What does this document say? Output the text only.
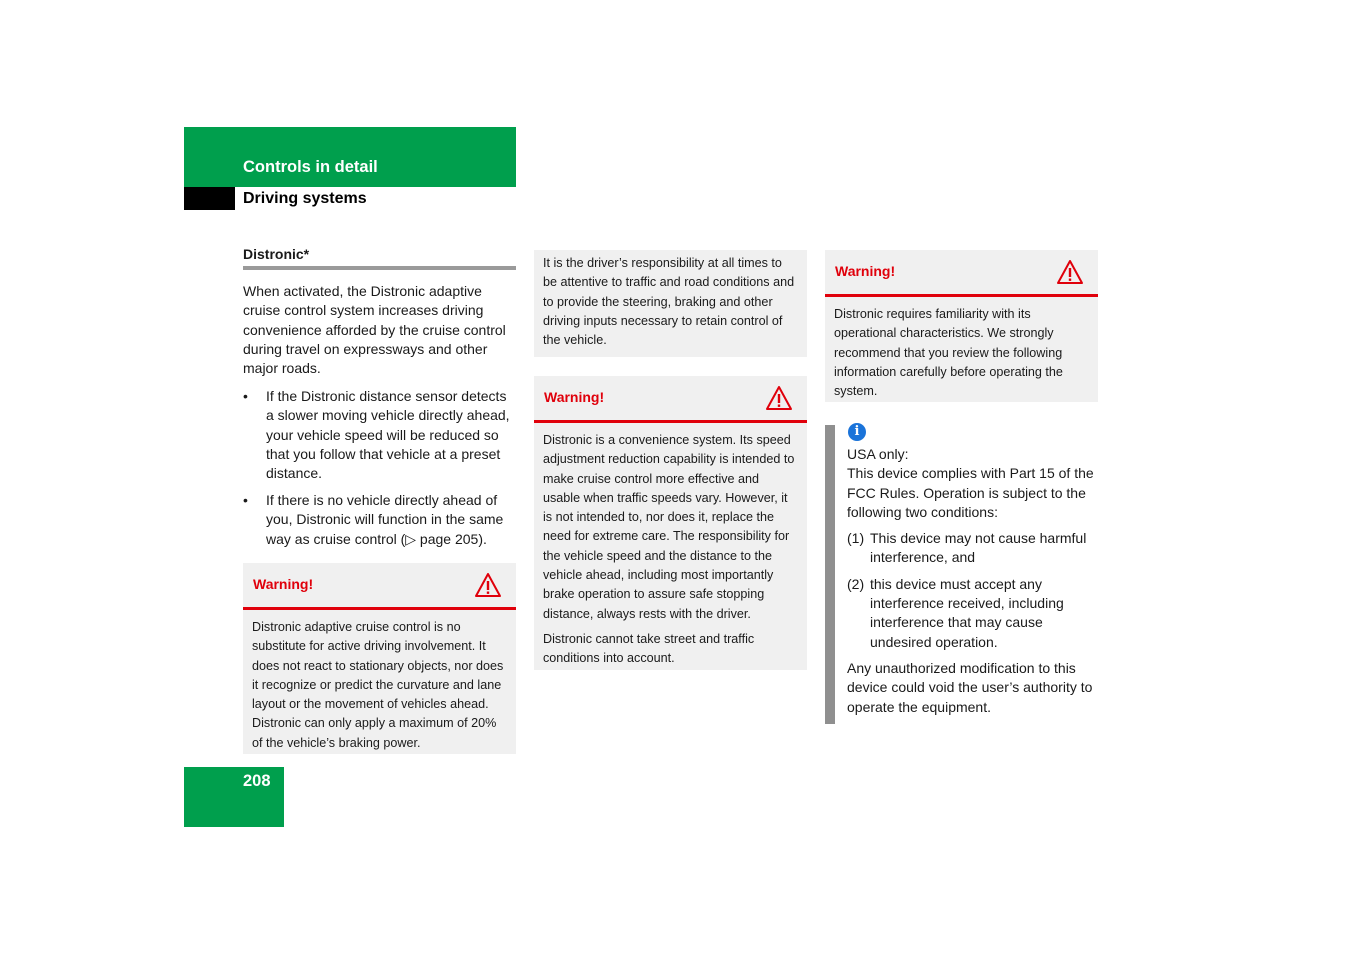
Controls in detail
Driving systems
Distronic*
When activated, the Distronic adaptive cruise control system increases driving convenience afforded by the cruise control during travel on expressways and other major roads.
•	If the Distronic distance sensor detects a slower moving vehicle directly ahead, your vehicle speed will be reduced so that you follow that vehicle at a preset distance.
•	If there is no vehicle directly ahead of you, Distronic will function in the same way as cruise control (▷ page 205).
Warning!

Distronic adaptive cruise control is no substitute for active driving involvement. It does not react to stationary objects, nor does it recognize or predict the curvature and lane layout or the movement of vehicles ahead. Distronic can only apply a maximum of 20% of the vehicle’s braking power.

It is the driver’s responsibility at all times to be attentive to traffic and road conditions and to provide the steering, braking and other driving inputs necessary to retain control of the vehicle.

Warning!

Distronic is a convenience system. Its speed adjustment reduction capability is intended to make cruise control more effective and usable when traffic speeds vary. However, it is not intended to, nor does it, replace the need for extreme care. The responsibility for the vehicle speed and the distance to the vehicle ahead, including most importantly brake operation to assure safe stopping distance, always rests with the driver.

Distronic cannot take street and traffic conditions into account.

Warning!

Distronic requires familiarity with its operational characteristics. We strongly recommend that you review the following information carefully before operating the system.

i

USA only:

This device complies with Part 15 of the FCC Rules. Operation is subject to the following two conditions:

(1) This device may not cause harmful interference, and
(2) this device must accept any interference received, including interference that may cause undesired operation.

Any unauthorized modification to this device could void the user’s authority to operate the equipment.

208
